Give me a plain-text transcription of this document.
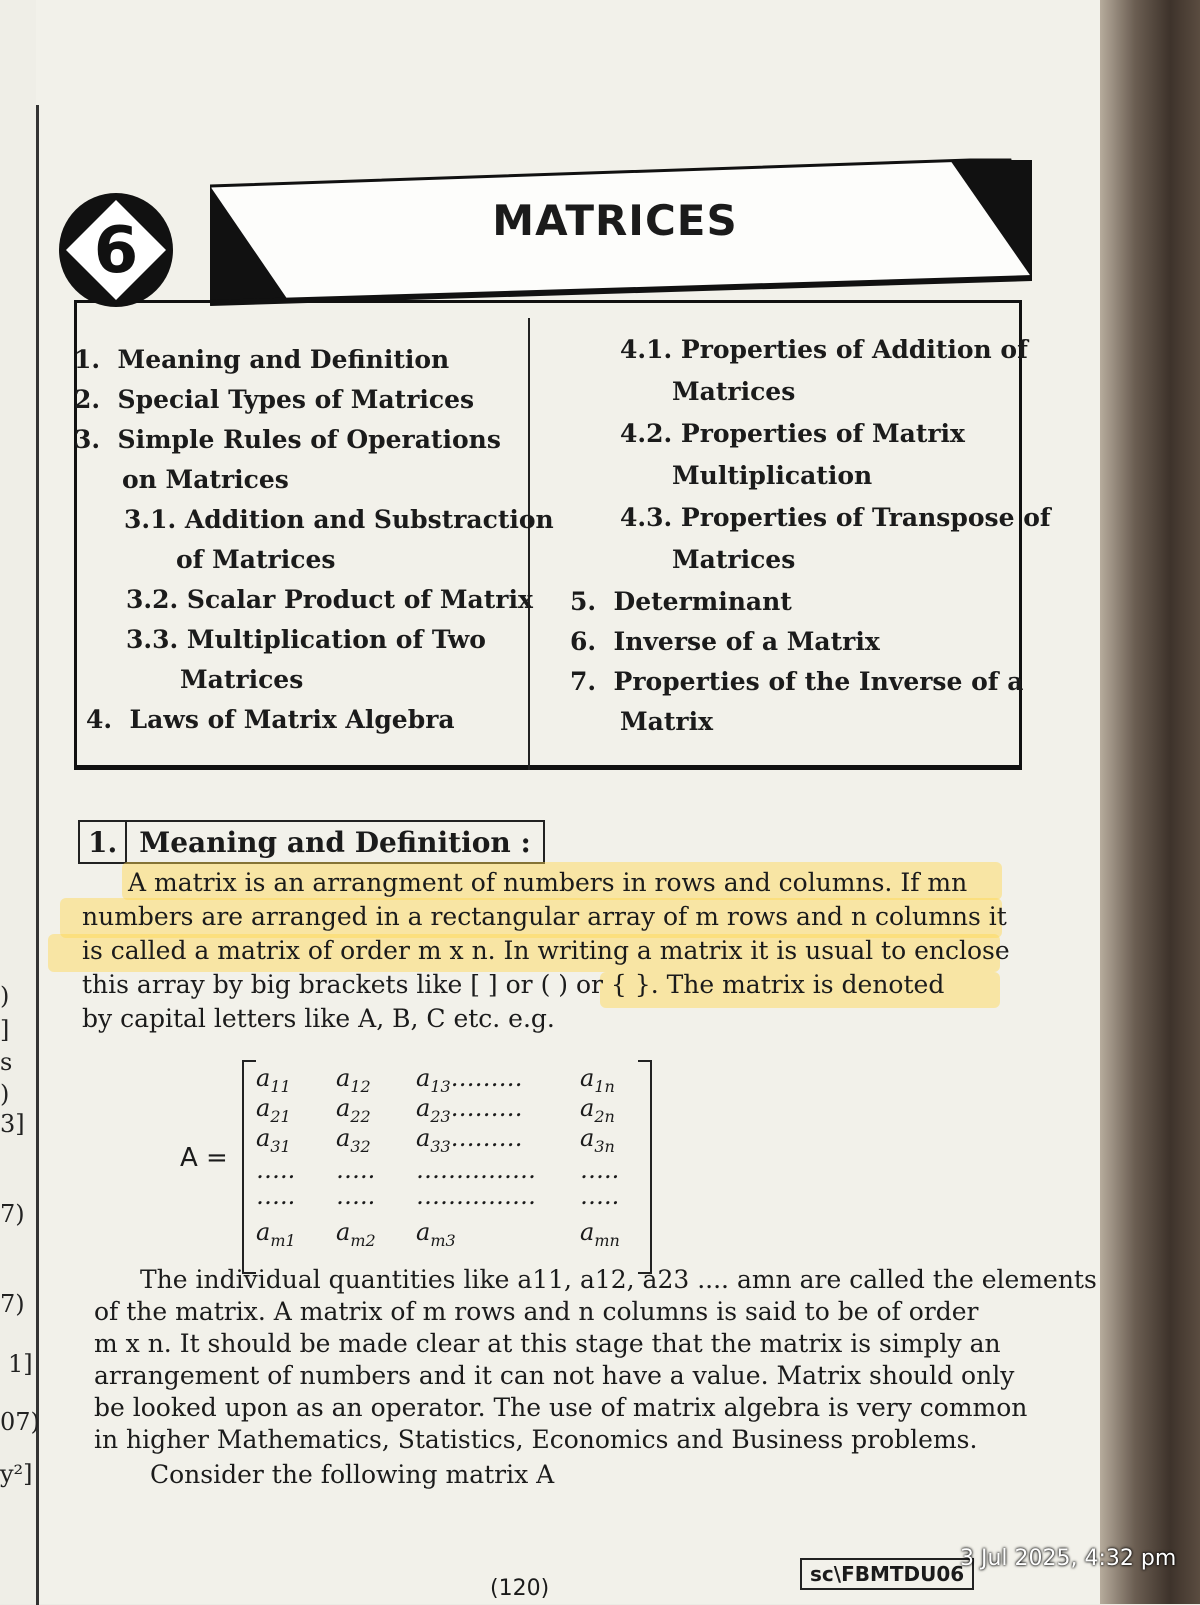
)
]
s
)
3]
7)
7)
1]
07)
y²]
6	MATRICES
1. Meaning and Definition
2. Special Types of Matrices
3. Simple Rules of Operations
on Matrices
3.1. Addition and Substraction
of Matrices
3.2. Scalar Product of Matrix
3.3. Multiplication of Two
Matrices
4. Laws of Matrix Algebra
4.1. Properties of Addition of
Matrices
4.2. Properties of Matrix
Multiplication
4.3. Properties of Transpose of
Matrices
5. Determinant
6. Inverse of a Matrix
7. Properties of the Inverse of a
Matrix
1. Meaning and Definition :
A matrix is an arrangment of numbers in rows and columns. If mn
numbers are arranged in a rectangular array of m rows and n columns it
is called a matrix of order m x n. In writing a matrix it is usual to enclose
this array by big brackets like [ ] or ( ) or { }. The matrix is denoted
by capital letters like A, B, C etc. e.g.
A =
$a_{11}$ $a_{12}$ $a_{13}\dots\dots\dots$ $a_{1n}$
$a_{21}$ $a_{22}$ $a_{23}\dots\dots\dots$ $a_{2n}$
$a_{31}$ $a_{32}$ $a_{33}\dots\dots\dots$ $a_{3n}$
….. ….. …………… …..
….. ….. …………… …..
$a_{m1}$ $a_{m2}$ $a_{m3}$	$a_{mn}$
The individual quantities like a11, a12, a23 .... amn are called the elements
of the matrix. A matrix of m rows and n columns is said to be of order
m x n. It should be made clear at this stage that the matrix is simply an
arrangement of numbers and it can not have a value. Matrix should only
be looked upon as an operator. The use of matrix algebra is very common
in higher Mathematics, Statistics, Economics and Business problems.
Consider the following matrix A
(120)
sc\FBMTDU06
3 Jul 2025, 4:32 pm
